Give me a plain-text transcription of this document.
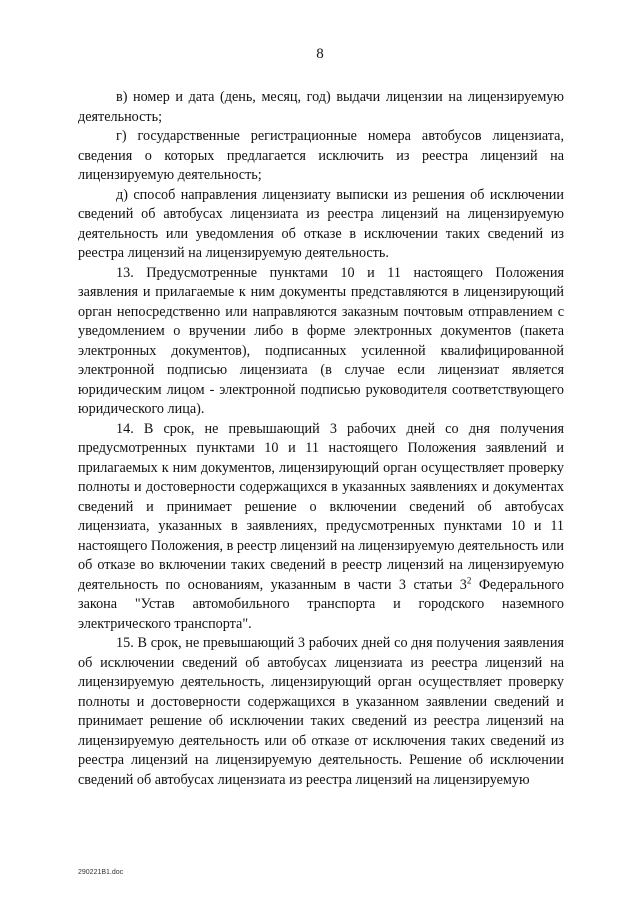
8

в) номер и дата (день, месяц, год) выдачи лицензии на лицензируемую деятельность;

г) государственные регистрационные номера автобусов лицензиата, сведения о которых предлагается исключить из реестра лицензий на лицензируемую деятельность;

д) способ направления лицензиату выписки из решения об исключении сведений об автобусах лицензиата из реестра лицензий на лицензируемую деятельность или уведомления об отказе в исключении таких сведений из реестра лицензий на лицензируемую деятельность.

13. Предусмотренные пунктами 10 и 11 настоящего Положения заявления и прилагаемые к ним документы представляются в лицензирующий орган непосредственно или направляются заказным почтовым отправлением с уведомлением о вручении либо в форме электронных документов (пакета электронных документов), подписанных усиленной квалифицированной электронной подписью лицензиата (в случае если лицензиат является юридическим лицом - электронной подписью руководителя соответствующего юридического лица).

14. В срок, не превышающий 3 рабочих дней со дня получения предусмотренных пунктами 10 и 11 настоящего Положения заявлений и прилагаемых к ним документов, лицензирующий орган осуществляет проверку полноты и достоверности содержащихся в указанных заявлениях и документах сведений и принимает решение о включении сведений об автобусах лицензиата, указанных в заявлениях, предусмотренных пунктами 10 и 11 настоящего Положения, в реестр лицензий на лицензируемую деятельность или об отказе во включении таких сведений в реестр лицензий на лицензируемую деятельность по основаниям, указанным в части 3 статьи $3^2$ Федерального закона "Устав автомобильного транспорта и городского наземного электрического транспорта".

15. В срок, не превышающий 3 рабочих дней со дня получения заявления об исключении сведений об автобусах лицензиата из реестра лицензий на лицензируемую деятельность, лицензирующий орган осуществляет проверку полноты и достоверности содержащихся в указанном заявлении сведений и принимает решение об исключении таких сведений из реестра лицензий на лицензируемую деятельность или об отказе от исключения таких сведений из реестра лицензий на лицензируемую деятельность. Решение об исключении сведений об автобусах лицензиата из реестра лицензий на лицензируемую

290221B1.doc
